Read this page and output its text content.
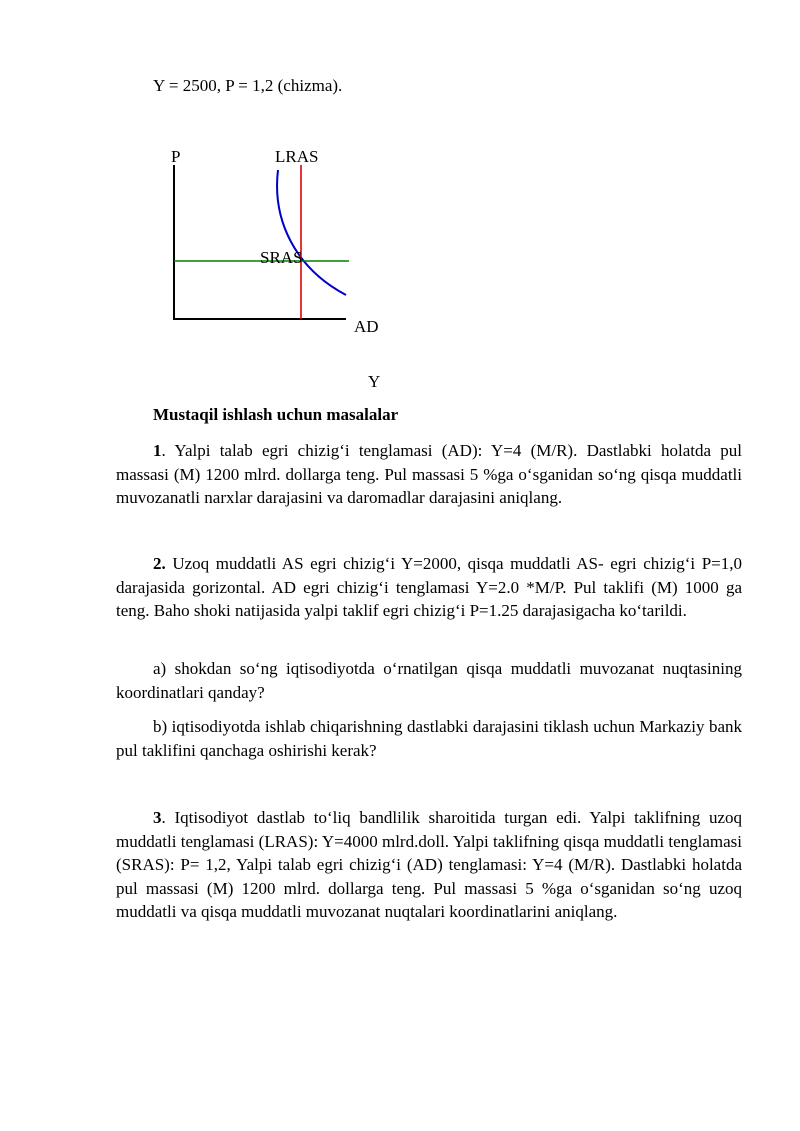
Y = 2500, P = 1,2 (chizma).
P	LRAS
SRAS
AD
Y
Mustaqil ishlash uchun masalalar

1. Yalpi talab egri chizig‘i tenglamasi (AD): Y=4 (M/R). Dastlabki holatda pul massasi (M) 1200 mlrd. dollarga teng. Pul massasi 5 %ga o‘sganidan so‘ng qisqa muddatli muvozanatli narxlar darajasini va daromadlar darajasini aniqlang.

2. Uzoq muddatli AS egri chizig‘i Y=2000, qisqa muddatli AS- egri chizig‘i P=1,0 darajasida gorizontal. AD egri chizig‘i tenglamasi Y=2.0 *M/P. Pul taklifi (M) 1000 ga teng. Baho shoki natijasida yalpi taklif egri chizig‘i P=1.25 darajasigacha ko‘tarildi.

a) shokdan so‘ng iqtisodiyotda o‘rnatilgan qisqa muddatli muvozanat nuqtasining koordinatlari qanday?

b) iqtisodiyotda ishlab chiqarishning dastlabki darajasini tiklash uchun Markaziy bank pul taklifini qanchaga oshirishi kerak?

3. Iqtisodiyot dastlab to‘liq bandlilik sharoitida turgan edi. Yalpi taklifning uzoq muddatli tenglamasi (LRAS): Y=4000 mlrd.doll. Yalpi taklifning qisqa muddatli tenglamasi (SRAS): P= 1,2, Yalpi talab egri chizig‘i (AD) tenglamasi: Y=4 (M/R). Dastlabki holatda pul massasi (M) 1200 mlrd. dollarga teng. Pul massasi 5 %ga o‘sganidan so‘ng uzoq muddatli va qisqa muddatli muvozanat nuqtalari koordinatlarini aniqlang.
